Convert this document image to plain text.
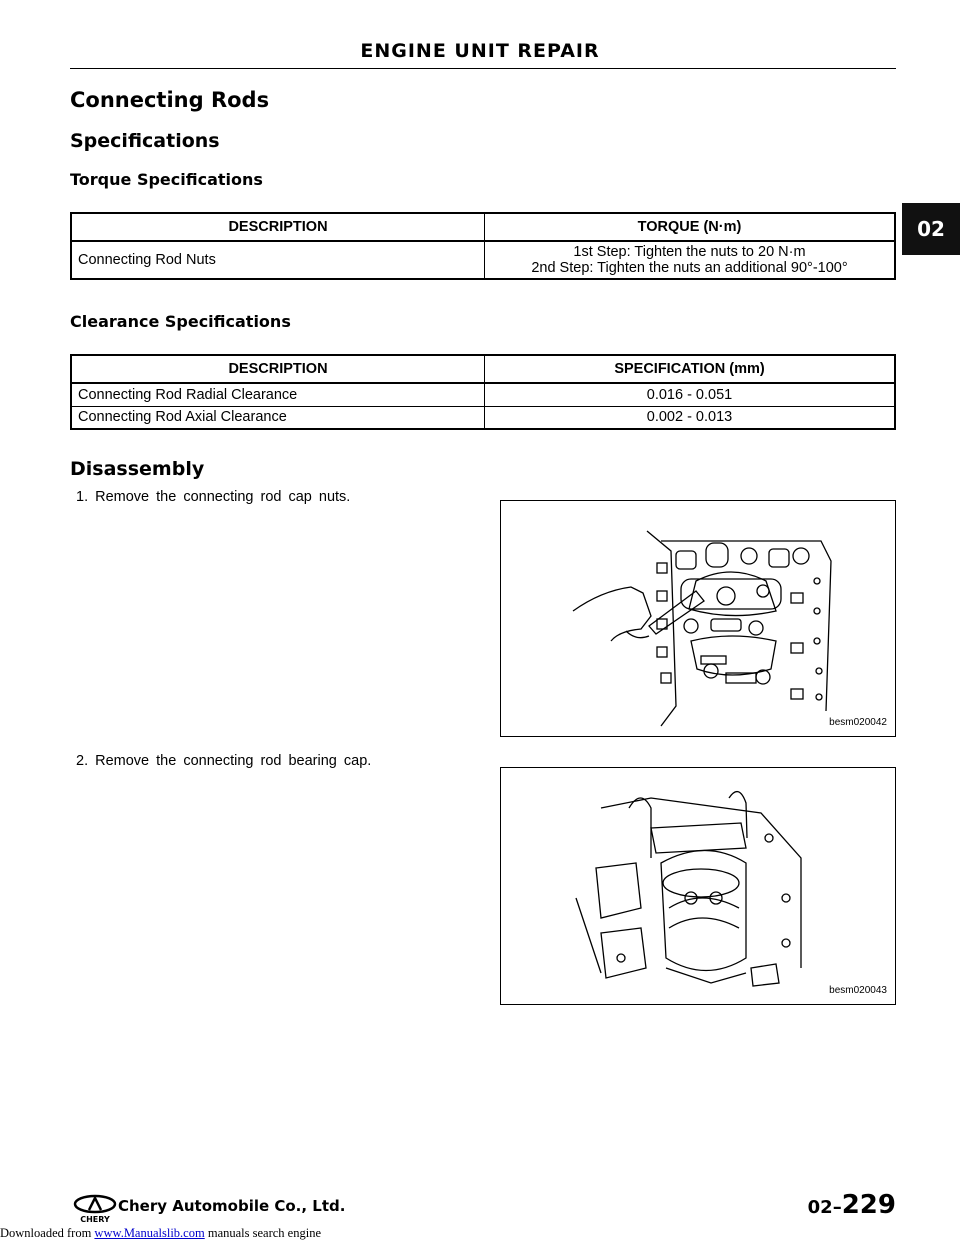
ENGINE UNIT REPAIR
02
Connecting Rods
Specifications
Torque Specifications
DESCRIPTION	TORQUE (N·m)
Connecting Rod Nuts	1st Step: Tighten the nuts to 20 N·m
2nd Step: Tighten the nuts an additional 90°-100°
Clearance Specifications
DESCRIPTION	SPECIFICATION (mm)
Connecting Rod Radial Clearance	0.016 - 0.051
Connecting Rod Axial Clearance	0.002 - 0.013
Disassembly
1. Remove the connecting rod cap nuts.
besm020042
2. Remove the connecting rod bearing cap.
besm020043
CHERY
Chery Automobile Co., Ltd.	02–229
Downloaded from www.Manualslib.com manuals search engine
